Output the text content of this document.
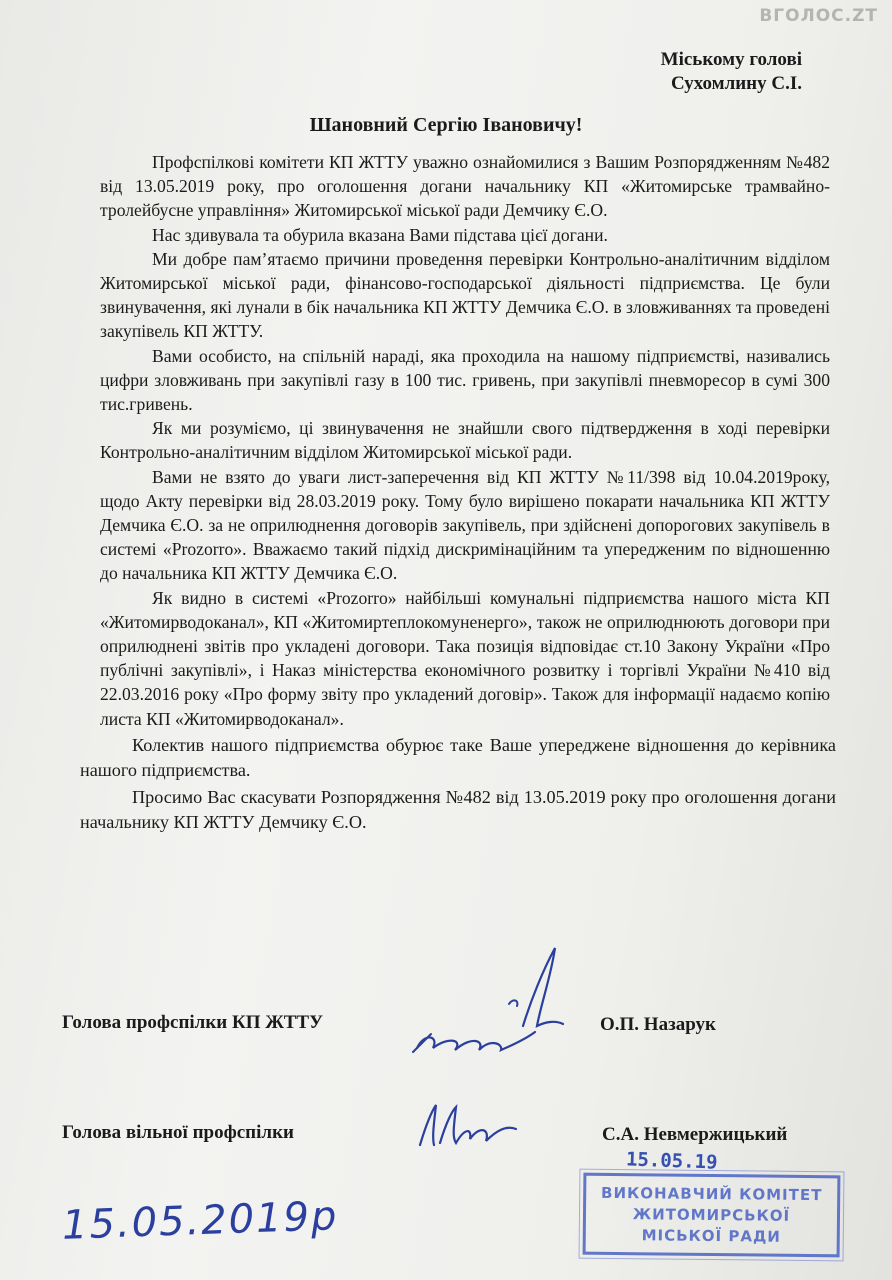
ВГОЛОС.ZT
Міському голові
Сухомлину С.І.
Шановний Сергію Івановичу!

Профспілкові комітети КП ЖТТУ уважно ознайомилися з Вашим Розпорядженням №482 від 13.05.2019 року, про оголошення догани начальнику КП «Житомирське трамвайно-тролейбусне управління» Житомирської міської ради Демчику Є.О.

Нас здивувала та обурила вказана Вами підстава цієї догани.

Ми добре пам’ятаємо причини проведення перевірки Контрольно-аналітичним відділом Житомирської міської ради, фінансово-господарської діяльності підприємства. Це були звинувачення, які лунали в бік начальника КП ЖТТУ Демчика Є.О. в зловживаннях та проведені закупівель КП ЖТТУ.

Вами особисто, на спільній нараді, яка проходила на нашому підприємстві, називались цифри зловживань при закупівлі газу в 100 тис. гривень, при закупівлі пневморесор в сумі 300 тис.гривень.

Як ми розуміємо, ці звинувачення не знайшли свого підтвердження в ході перевірки Контрольно-аналітичним відділом Житомирської міської ради.

Вами не взято до уваги лист-заперечення від КП ЖТТУ №11/398 від 10.04.2019року, щодо Акту перевірки від 28.03.2019 року. Тому було вирішено покарати начальника КП ЖТТУ Демчика Є.О. за не оприлюднення договорів закупівель, при здійснені допорогових закупівель в системі «Prozorro». Вважаємо такий підхід дискримінаційним та упередженим по відношенню до начальника КП ЖТТУ Демчика Є.О.

Як видно в системі «Prozorro» найбільші комунальні підприємства нашого міста КП «Житомирводоканал», КП «Житомиртеплокомуненерго», також не оприлюднюють договори при оприлюднені звітів про укладені договори. Така позиція відповідає ст.10 Закону України «Про публічні закупівлі», і Наказ міністерства економічного розвитку і торгівлі України №410 від 22.03.2016 року «Про форму звіту про укладений договір». Також для інформації надаємо копію листа КП «Житомирводоканал».

Колектив нашого підприємства обурює таке Ваше упереджене відношення до керівника нашого підприємства.

Просимо Вас скасувати Розпорядження №482 від 13.05.2019 року про оголошення догани начальнику КП ЖТТУ Демчику Є.О.

Голова профспілки КП ЖТТУ	О.П. Назарук
Голова вільної профспілки	С.А. Невмержицький
15.05.2019р
15.05.19
ВИКОНАВЧИЙ КОМІТЕТ
ЖИТОМИРСЬКОЇ
МІСЬКОЇ РАДИ
